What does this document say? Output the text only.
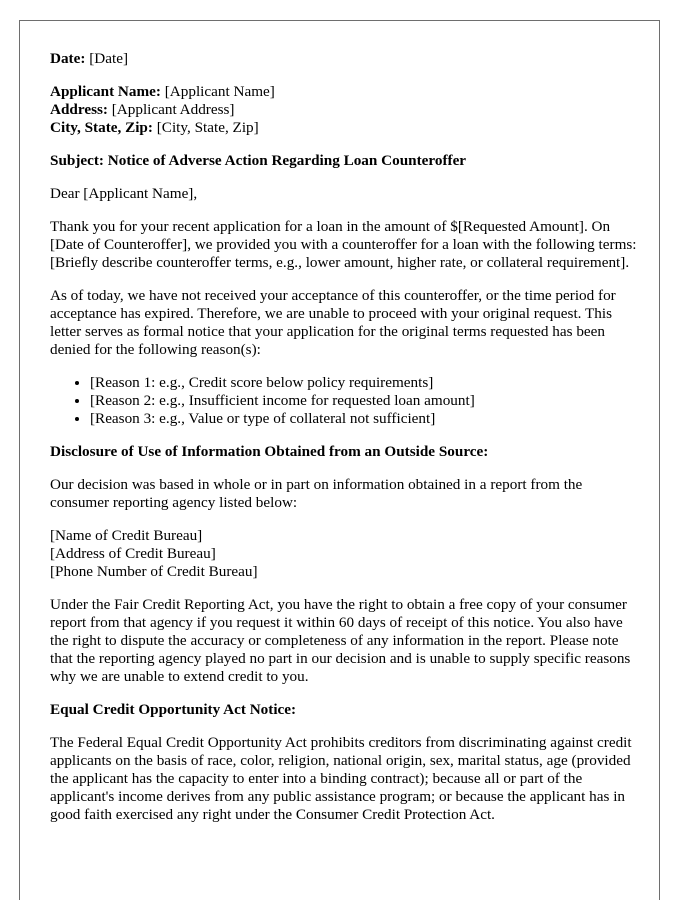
Date: [Date]

Applicant Name: [Applicant Name]
Address: [Applicant Address]
City, State, Zip: [City, State, Zip]

Subject: Notice of Adverse Action Regarding Loan Counteroffer

Dear [Applicant Name],

Thank you for your recent application for a loan in the amount of $[Requested Amount]. On [Date of Counteroffer], we provided you with a counteroffer for a loan with the following terms: [Briefly describe counteroffer terms, e.g., lower amount, higher rate, or collateral requirement].

As of today, we have not received your acceptance of this counteroffer, or the time period for acceptance has expired. Therefore, we are unable to proceed with your original request. This letter serves as formal notice that your application for the original terms requested has been denied for the following reason(s):

• [Reason 1: e.g., Credit score below policy requirements]
• [Reason 2: e.g., Insufficient income for requested loan amount]
• [Reason 3: e.g., Value or type of collateral not sufficient]

Disclosure of Use of Information Obtained from an Outside Source:

Our decision was based in whole or in part on information obtained in a report from the consumer reporting agency listed below:

[Name of Credit Bureau]
[Address of Credit Bureau]
[Phone Number of Credit Bureau]

Under the Fair Credit Reporting Act, you have the right to obtain a free copy of your consumer report from that agency if you request it within 60 days of receipt of this notice. You also have the right to dispute the accuracy or completeness of any information in the report. Please note that the reporting agency played no part in our decision and is unable to supply specific reasons why we are unable to extend credit to you.

Equal Credit Opportunity Act Notice:

The Federal Equal Credit Opportunity Act prohibits creditors from discriminating against credit applicants on the basis of race, color, religion, national origin, sex, marital status, age (provided the applicant has the capacity to enter into a binding contract); because all or part of the applicant's income derives from any public assistance program; or because the applicant has in good faith exercised any right under the Consumer Credit Protection Act.
